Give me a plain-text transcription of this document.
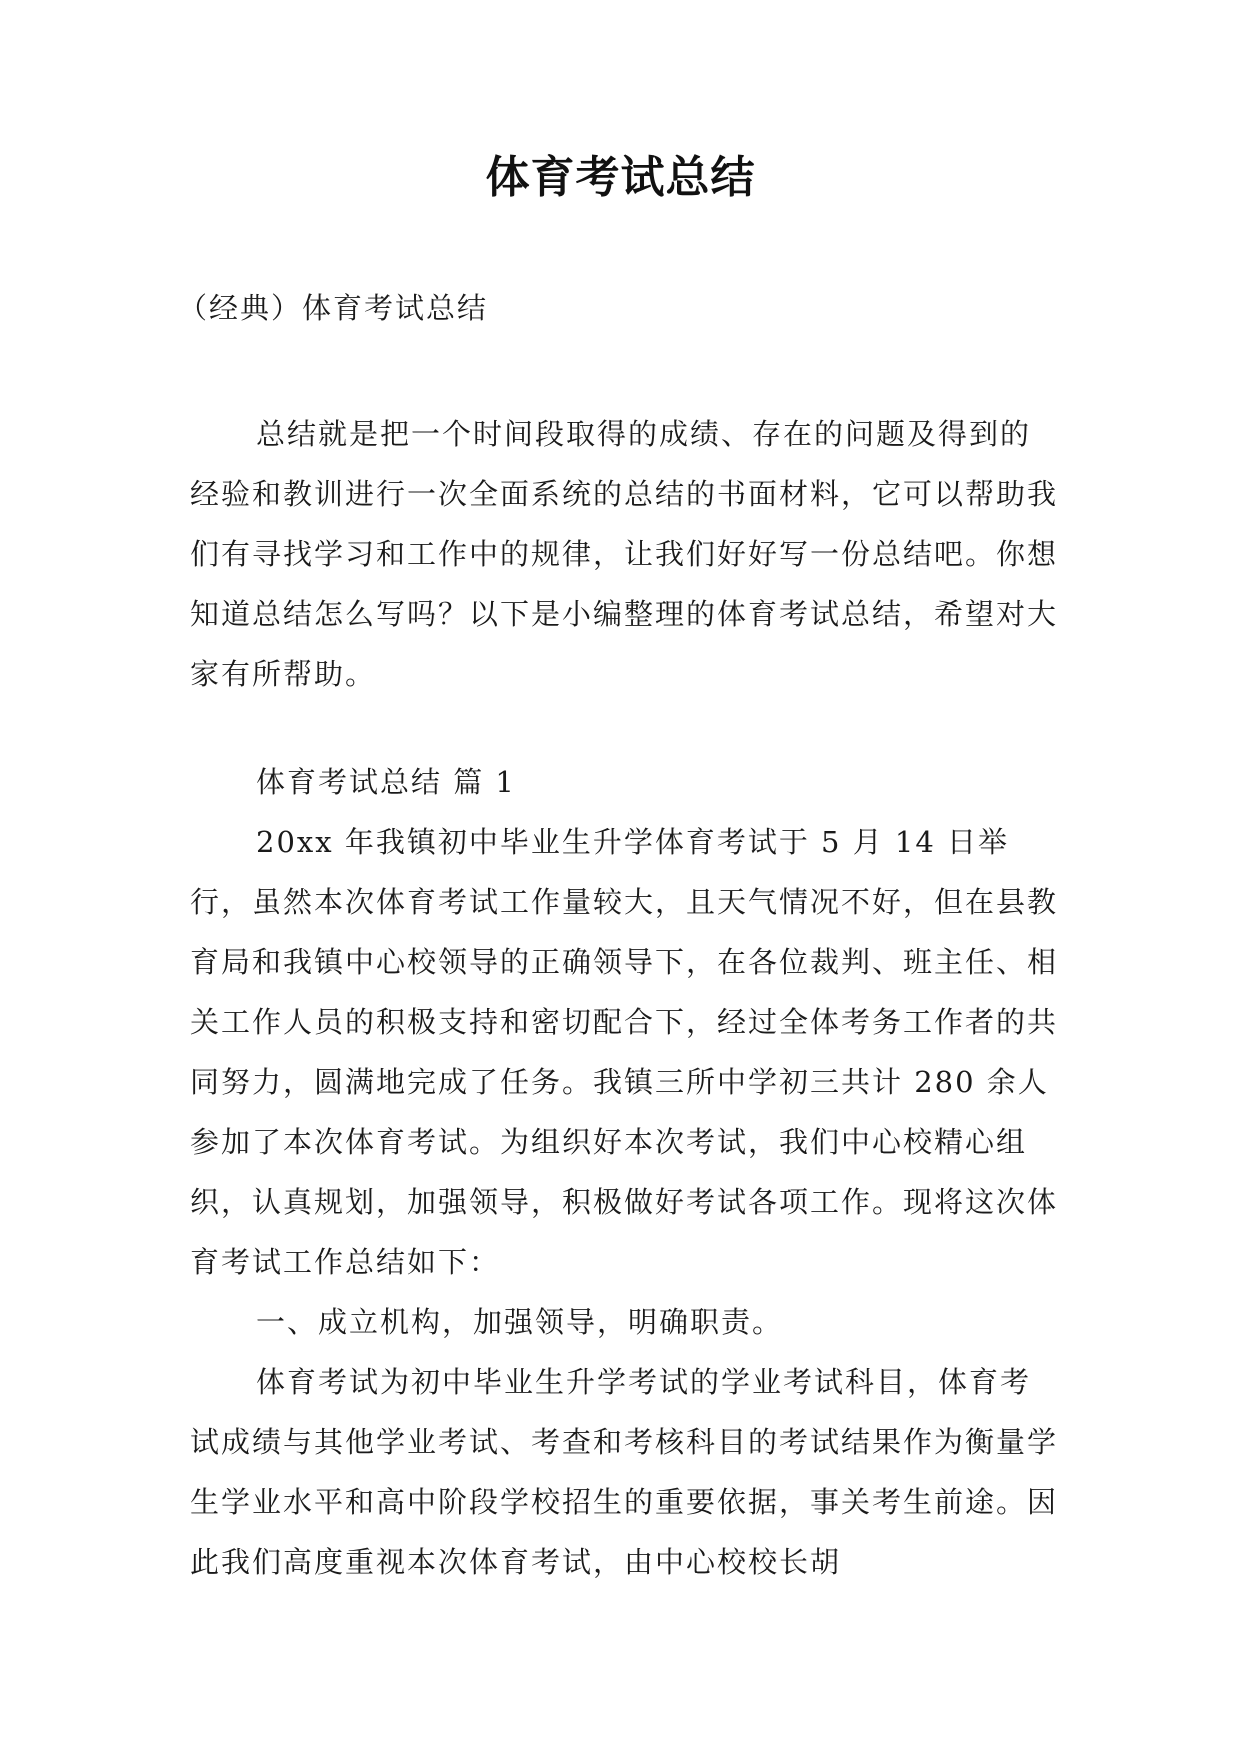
体育考试总结
（经典）体育考试总结

总结就是把一个时间段取得的成绩、存在的问题及得到的经验和教训进行一次全面系统的总结的书面材料，它可以帮助我们有寻找学习和工作中的规律，让我们好好写一份总结吧。你想知道总结怎么写吗？以下是小编整理的体育考试总结，希望对大家有所帮助。

体育考试总结 篇 1

20xx 年我镇初中毕业生升学体育考试于 5 月 14 日举行，虽然本次体育考试工作量较大，且天气情况不好，但在县教育局和我镇中心校领导的正确领导下，在各位裁判、班主任、相关工作人员的积极支持和密切配合下，经过全体考务工作者的共同努力，圆满地完成了任务。我镇三所中学初三共计 280 余人参加了本次体育考试。为组织好本次考试，我们中心校精心组织，认真规划，加强领导，积极做好考试各项工作。现将这次体育考试工作总结如下：

一、成立机构，加强领导，明确职责。

体育考试为初中毕业生升学考试的学业考试科目，体育考试成绩与其他学业考试、考查和考核科目的考试结果作为衡量学生学业水平和高中阶段学校招生的重要依据，事关考生前途。因此我们高度重视本次体育考试，由中心校校长胡
